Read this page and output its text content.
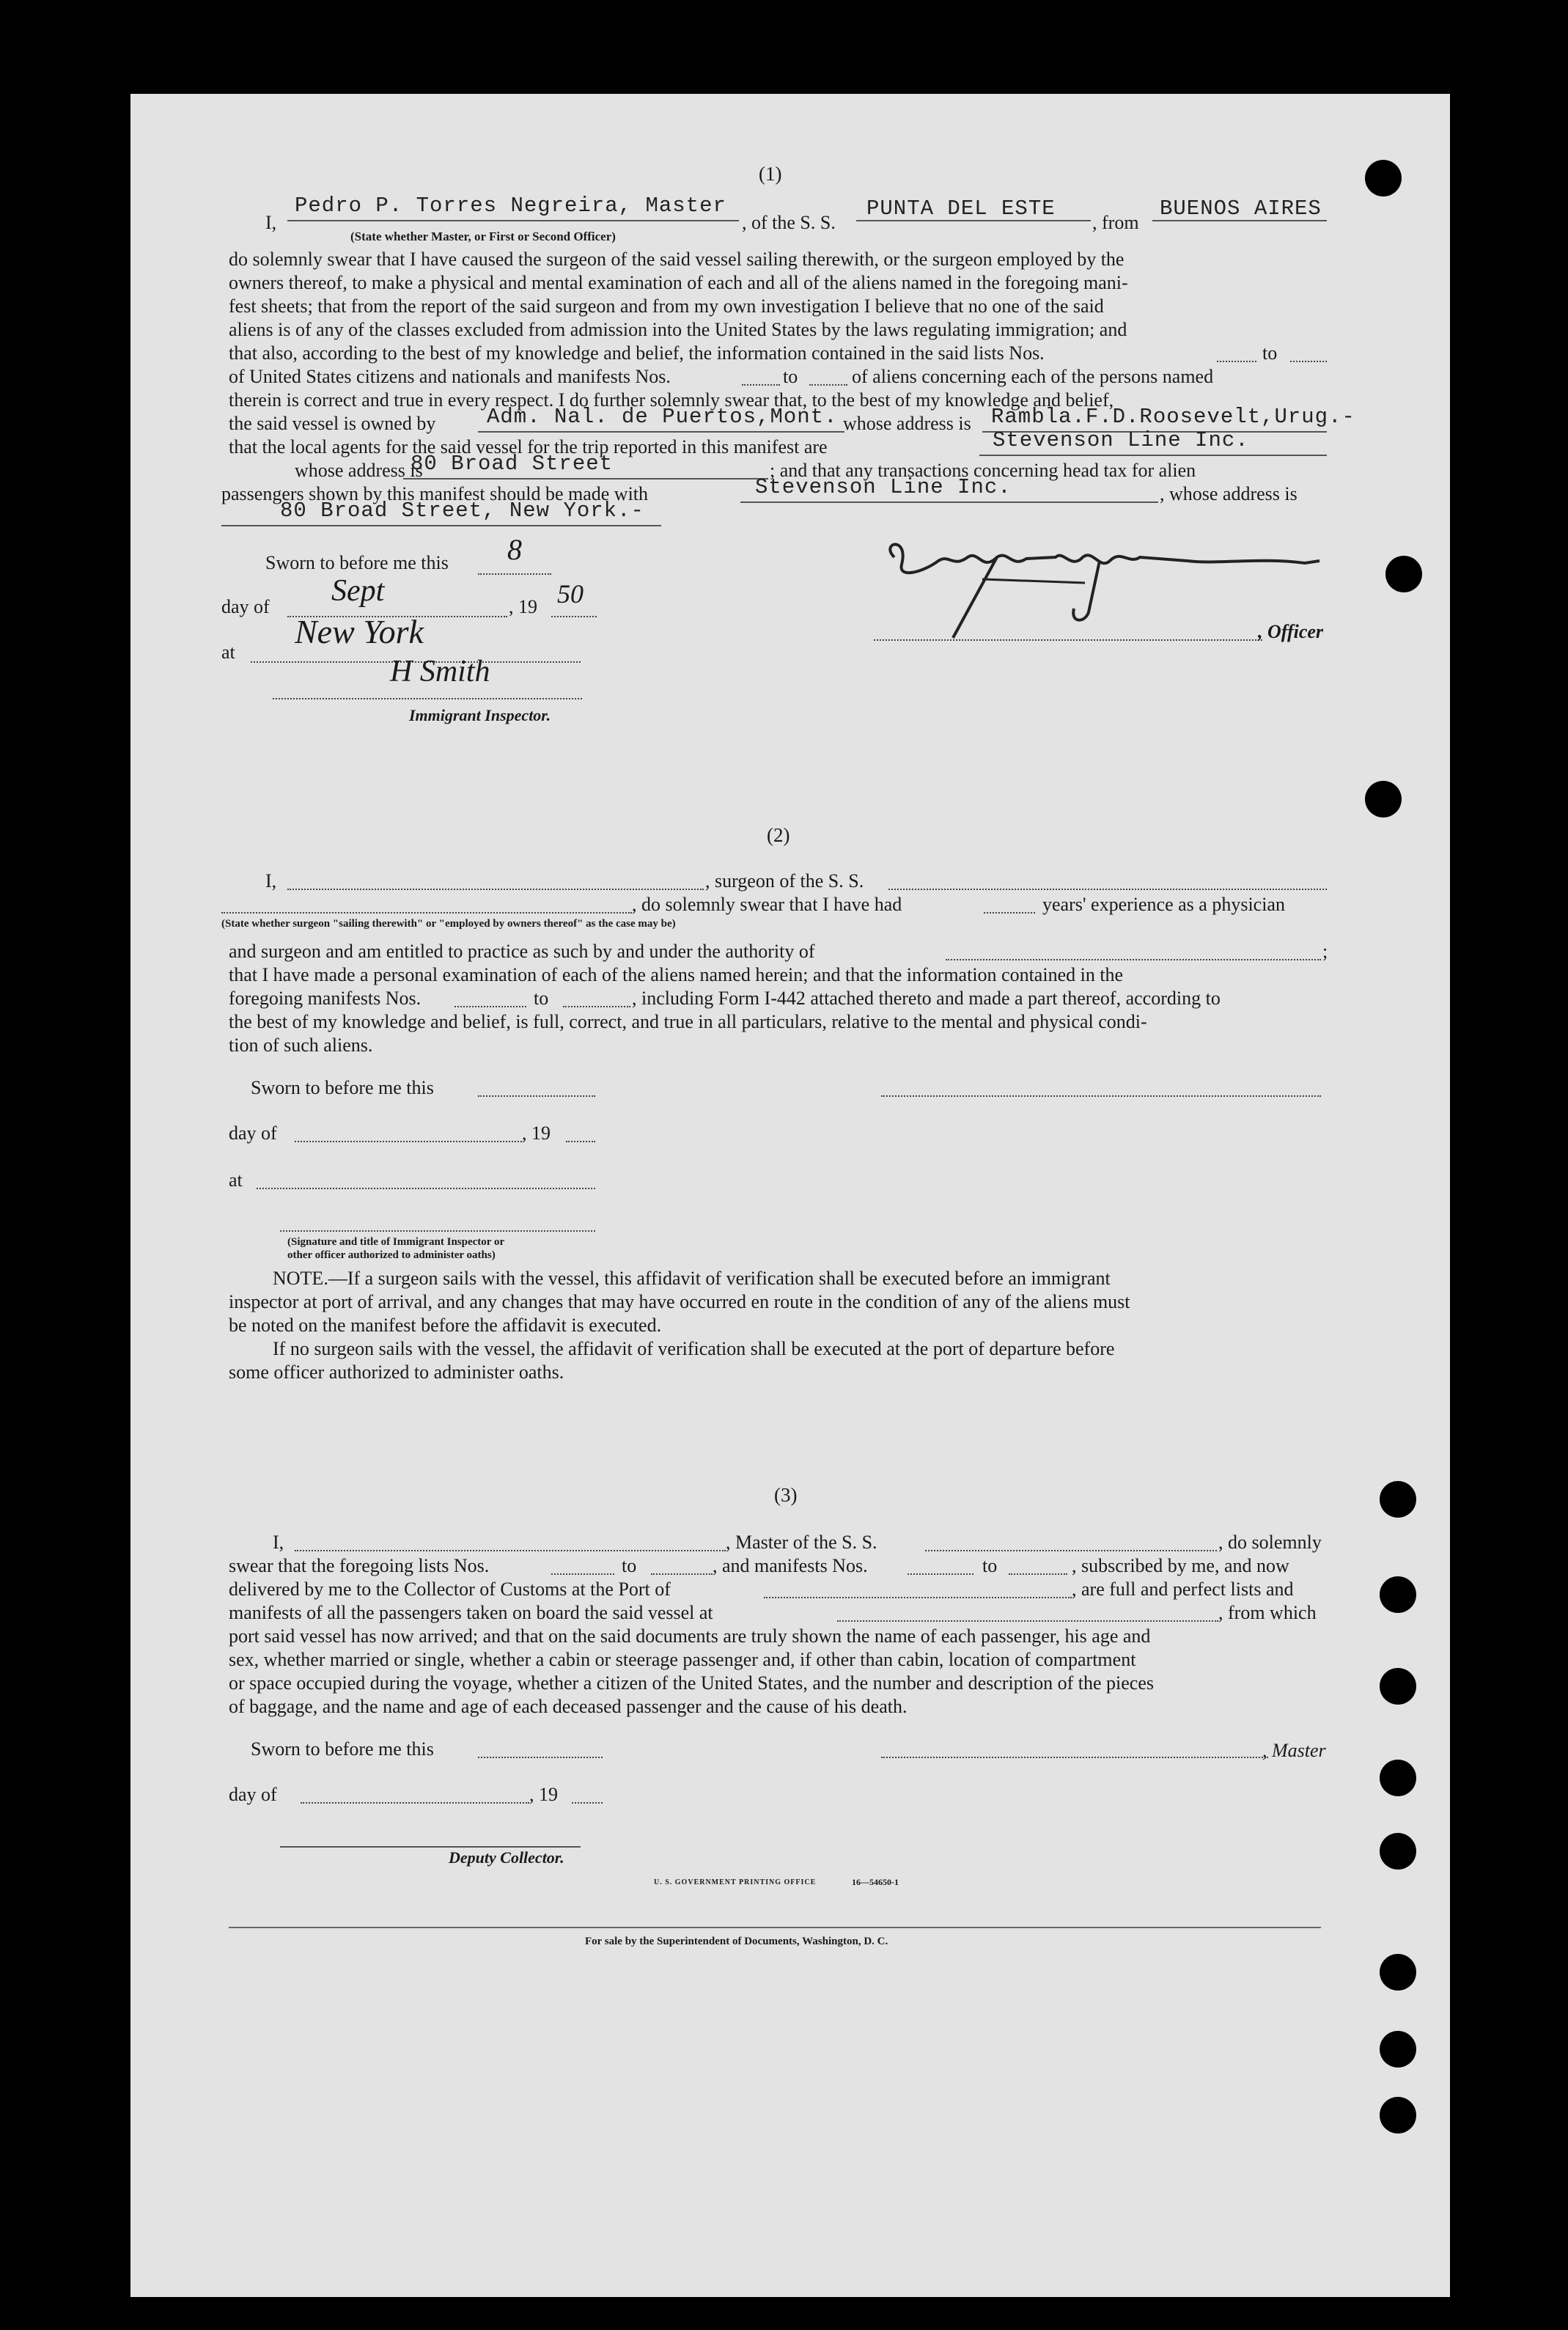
(1)
I,
Pedro P. Torres Negreira, Master
(State whether Master, or First or Second Officer)
, of the S. S.
PUNTA DEL ESTE
, from
BUENOS AIRES
do solemnly swear that I have caused the surgeon of the said vessel sailing therewith, or the surgeon employed by the
owners thereof, to make a physical and mental examination of each and all of the aliens named in the foregoing mani-
fest sheets; that from the report of the said surgeon and from my own investigation I believe that no one of the said
aliens is of any of the classes excluded from admission into the United States by the laws regulating immigration; and
that also, according to the best of my knowledge and belief, the information contained in the said lists Nos.	to
of United States citizens and nationals and manifests Nos.	to	of aliens concerning each of the persons named
therein is correct and true in every respect. I do further solemnly swear that, to the best of my knowledge and belief,
the said vessel is owned by Adm. Nal. de Puertos,Mont. whose address is Rambla.F.D.Roosevelt,Urug.-
that the local agents for the said vessel for the trip reported in this manifest are	Stevenson Line Inc.
whose address is
80 Broad Street	; and that any transactions concerning head tax for alien
passengers shown by this manifest should be made with	Stevenson Line Inc.	, whose address is
80 Broad Street, New York.-
Sworn to before me this 8
day of Sept	, 19 50
at
New York
H Smith
Immigrant Inspector.
, Officer
(2)
I,	, surgeon of the S. S.
, do solemnly swear that I have had	years' experience as a physician
(State whether surgeon "sailing therewith" or "employed by owners thereof" as the case may be)
and surgeon and am entitled to practice as such by and under the authority of	;
that I have made a personal examination of each of the aliens named herein; and that the information contained in the
foregoing manifests Nos.	to	, including Form I-442 attached thereto and made a part thereof, according to
the best of my knowledge and belief, is full, correct, and true in all particulars, relative to the mental and physical condi-
tion of such aliens.
Sworn to before me this
day of	, 19
at
(Signature and title of Immigrant Inspector or
other officer authorized to administer oaths)
NOTE.—If a surgeon sails with the vessel, this affidavit of verification shall be executed before an immigrant
inspector at port of arrival, and any changes that may have occurred en route in the condition of any of the aliens must
be noted on the manifest before the affidavit is executed.
If no surgeon sails with the vessel, the affidavit of verification shall be executed at the port of departure before
some officer authorized to administer oaths.
(3)
I,	, Master of the S. S.	, do solemnly
swear that the foregoing lists Nos.	to	, and manifests Nos.	to	, subscribed by me, and now
delivered by me to the Collector of Customs at the Port of	, are full and perfect lists and
manifests of all the passengers taken on board the said vessel at	, from which
port said vessel has now arrived; and that on the said documents are truly shown the name of each passenger, his age and
sex, whether married or single, whether a cabin or steerage passenger and, if other than cabin, location of compartment
or space occupied during the voyage, whether a citizen of the United States, and the number and description of the pieces
of baggage, and the name and age of each deceased passenger and the cause of his death.
Sworn to before me this	, Master
day of	, 19
Deputy Collector.
U. S. GOVERNMENT PRINTING OFFICE	16—54650-1
For sale by the Superintendent of Documents, Washington, D. C.
